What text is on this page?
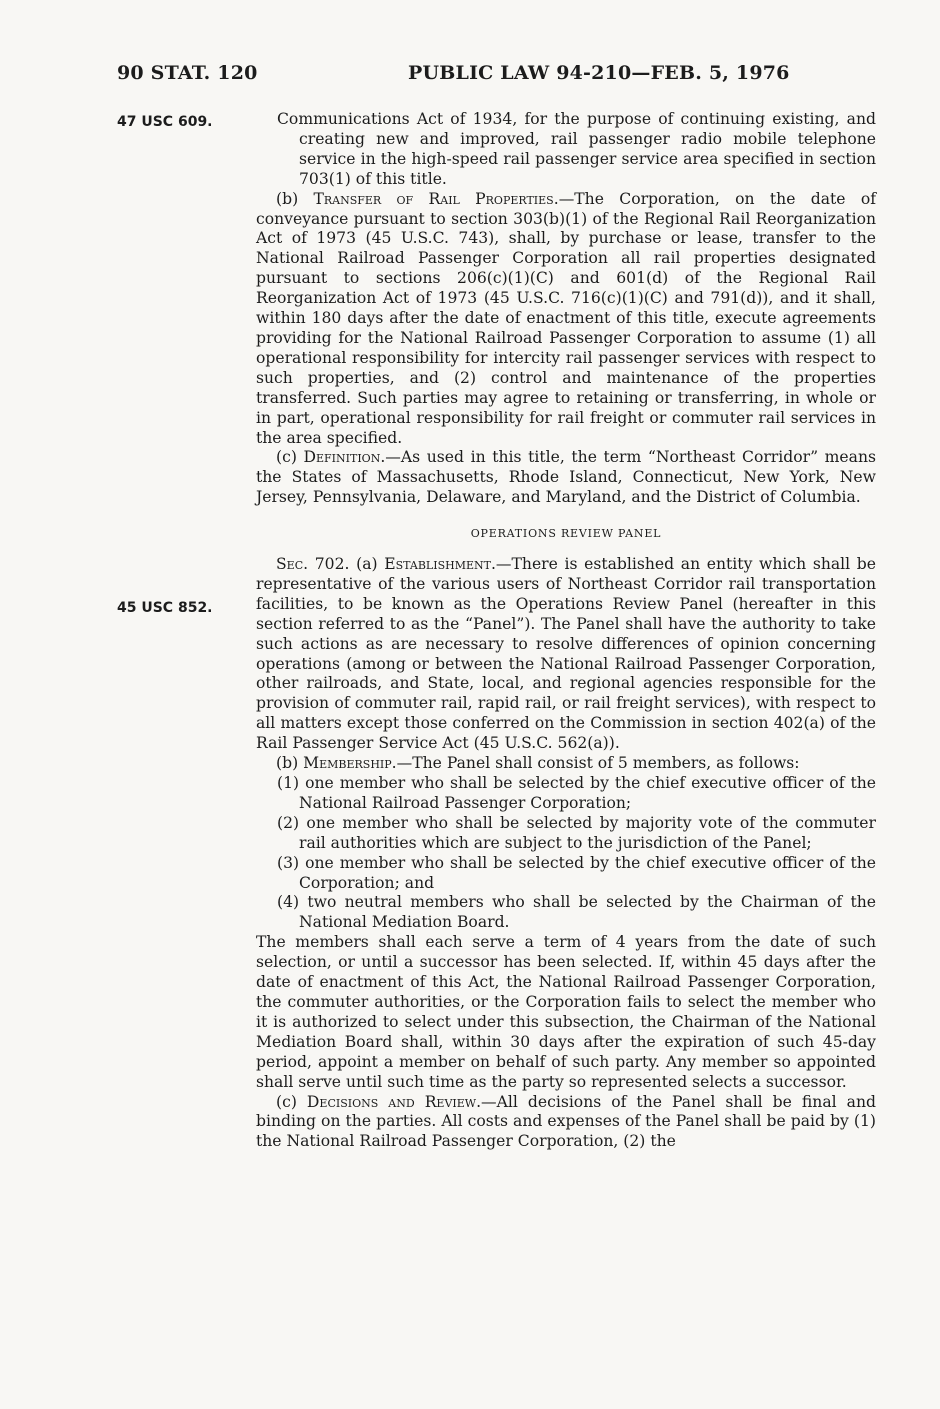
90 STAT. 120	PUBLIC LAW 94-210—FEB. 5, 1976
47 USC 609.
45 USC 852.

Communications Act of 1934, for the purpose of continuing existing, and creating new and improved, rail passenger radio mobile telephone service in the high-speed rail passenger service area specified in section 703(1) of this title.

(b) Transfer of Rail Properties.—The Corporation, on the date of conveyance pursuant to section 303(b)(1) of the Regional Rail Reorganization Act of 1973 (45 U.S.C. 743), shall, by purchase or lease, transfer to the National Railroad Passenger Corporation all rail properties designated pursuant to sections 206(c)(1)(C) and 601(d) of the Regional Rail Reorganization Act of 1973 (45 U.S.C. 716(c)(1)(C) and 791(d)), and it shall, within 180 days after the date of enactment of this title, execute agreements providing for the National Railroad Passenger Corporation to assume (1) all operational responsibility for intercity rail passenger services with respect to such properties, and (2) control and maintenance of the properties transferred. Such parties may agree to retaining or transferring, in whole or in part, operational responsibility for rail freight or commuter rail services in the area specified.

(c) Definition.—As used in this title, the term “Northeast Corridor” means the States of Massachusetts, Rhode Island, Connecticut, New York, New Jersey, Pennsylvania, Delaware, and Maryland, and the District of Columbia.

OPERATIONS REVIEW PANEL

Sec. 702. (a) Establishment.—There is established an entity which shall be representative of the various users of Northeast Corridor rail transportation facilities, to be known as the Operations Review Panel (hereafter in this section referred to as the “Panel”). The Panel shall have the authority to take such actions as are necessary to resolve differences of opinion concerning operations (among or between the National Railroad Passenger Corporation, other railroads, and State, local, and regional agencies responsible for the provision of commuter rail, rapid rail, or rail freight services), with respect to all matters except those conferred on the Commission in section 402(a) of the Rail Passenger Service Act (45 U.S.C. 562(a)).

(b) Membership.—The Panel shall consist of 5 members, as follows:

(1) one member who shall be selected by the chief executive officer of the National Railroad Passenger Corporation;

(2) one member who shall be selected by majority vote of the commuter rail authorities which are subject to the jurisdiction of the Panel;

(3) one member who shall be selected by the chief executive officer of the Corporation; and

(4) two neutral members who shall be selected by the Chairman of the National Mediation Board.

The members shall each serve a term of 4 years from the date of such selection, or until a successor has been selected. If, within 45 days after the date of enactment of this Act, the National Railroad Passenger Corporation, the commuter authorities, or the Corporation fails to select the member who it is authorized to select under this subsection, the Chairman of the National Mediation Board shall, within 30 days after the expiration of such 45-day period, appoint a member on behalf of such party. Any member so appointed shall serve until such time as the party so represented selects a successor.

(c) Decisions and Review.—All decisions of the Panel shall be final and binding on the parties. All costs and expenses of the Panel shall be paid by (1) the National Railroad Passenger Corporation, (2) the
